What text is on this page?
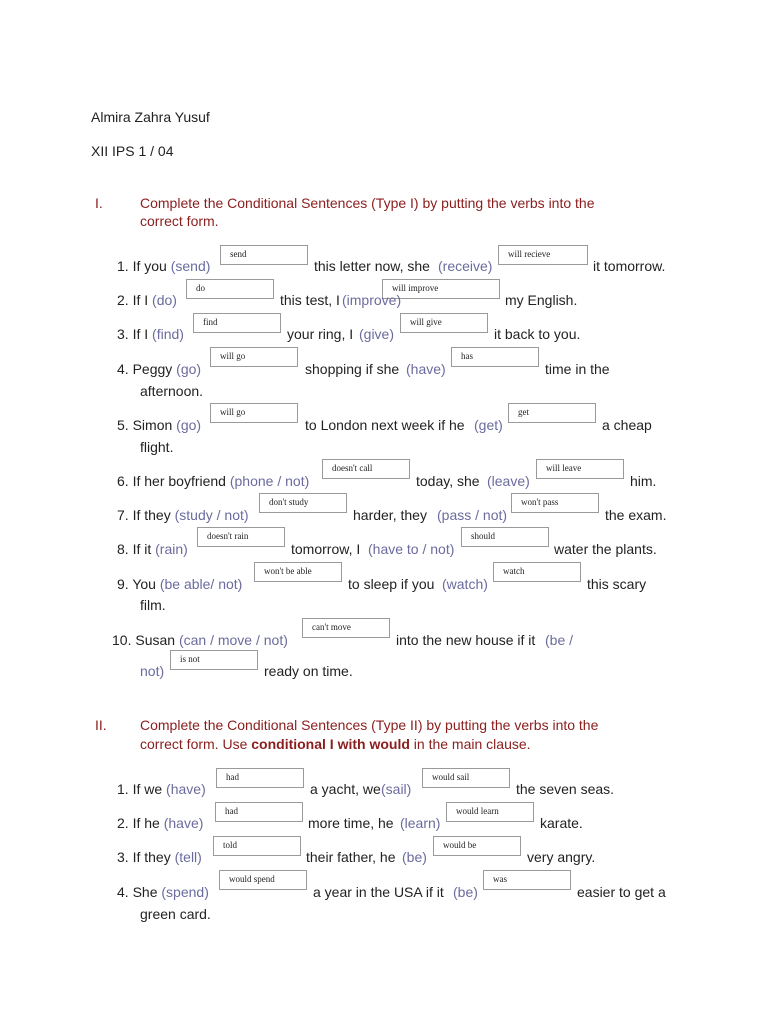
Almira Zahra Yusuf
XII IPS 1 / 04
I.	Complete the Conditional Sentences (Type I) by putting the verbs into the
correct form.
send	will recieve
1. If you (send)	this letter now, she (receive)	it tomorrow.
do	will improve
2. If I (do)	this test, I (improve)	my English.
find	will give
3. If I (find)	your ring, I (give)	it back to you.
will go	has
4. Peggy (go)	shopping if she (have)	time in the
afternoon.
will go	get
5. Simon (go)	to London next week if he (get)	a cheap
flight.
doesn't call	will leave
6. If her boyfriend (phone / not)	today, she (leave)	him.
don't study	won't pass
7. If they (study / not)	harder, they (pass / not)	the exam.
doesn't rain	should
8. If it (rain)	tomorrow, I (have to / not)	water the plants.
won't be able	watch
9. You (be able/ not)	to sleep if you (watch)	this scary
film.
can't move
10. Susan (can / move / not)	into the new house if it (be /
not)
is not
ready on time.
II. Complete the Conditional Sentences (Type II) by putting the verbs into the
correct form. Use conditional I with would in the main clause.
had	would sail
1. If we (have)	a yacht, we (sail)	the seven seas.
had	would learn
2. If he (have)	more time, he (learn)	karate.
told	would be
3. If they (tell)	their father, he (be)	very angry.
would spend	was
4. She (spend)	a year in the USA if it (be)	easier to get a
green card.
